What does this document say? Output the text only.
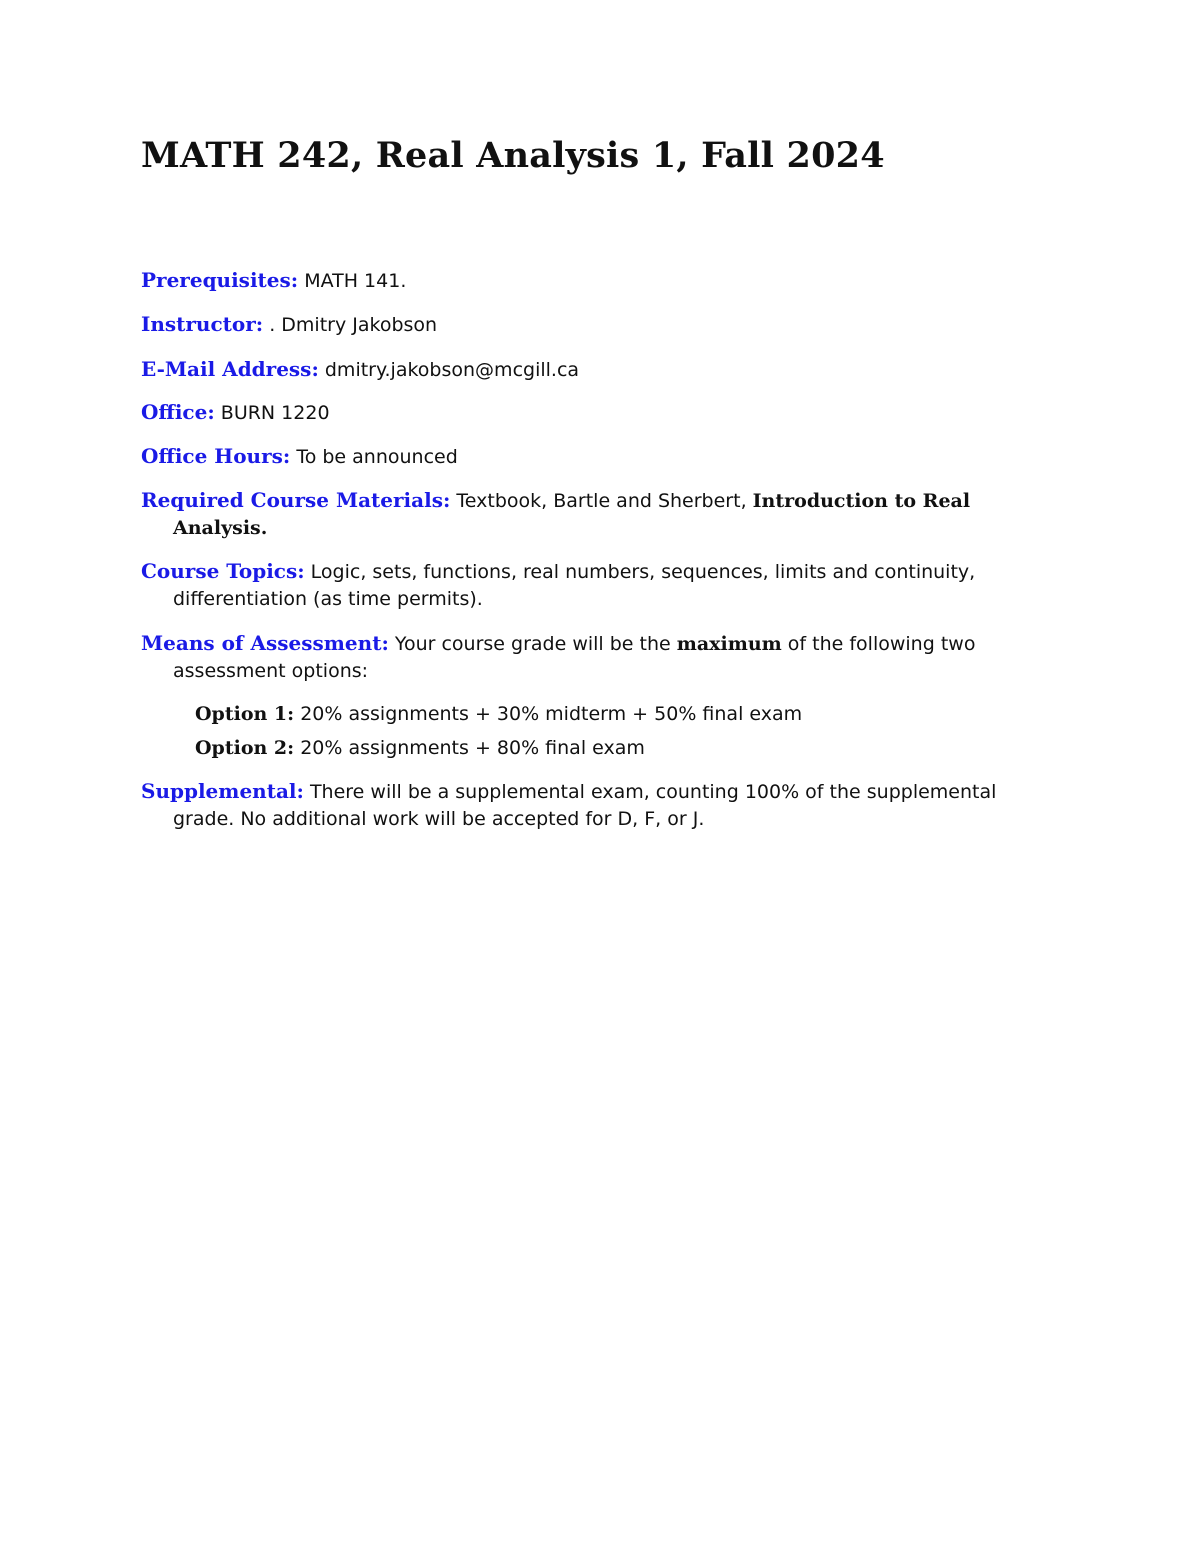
MATH 242, Real Analysis 1, Fall 2024
Prerequisites: MATH 141.
Instructor: . Dmitry Jakobson
E-Mail Address: dmitry.jakobson@mcgill.ca
Office: BURN 1220
Office Hours: To be announced
Required Course Materials: Textbook, Bartle and Sherbert, Introduction to Real Analysis.
Course Topics: Logic, sets, functions, real numbers, sequences, limits and continuity, differentiation (as time permits).
Means of Assessment: Your course grade will be the maximum of the following two assessment options:
Option 1: 20% assignments + 30% midterm + 50% final exam
Option 2: 20% assignments + 80% final exam
Supplemental: There will be a supplemental exam, counting 100% of the supplemental grade. No additional work will be accepted for D, F, or J.
